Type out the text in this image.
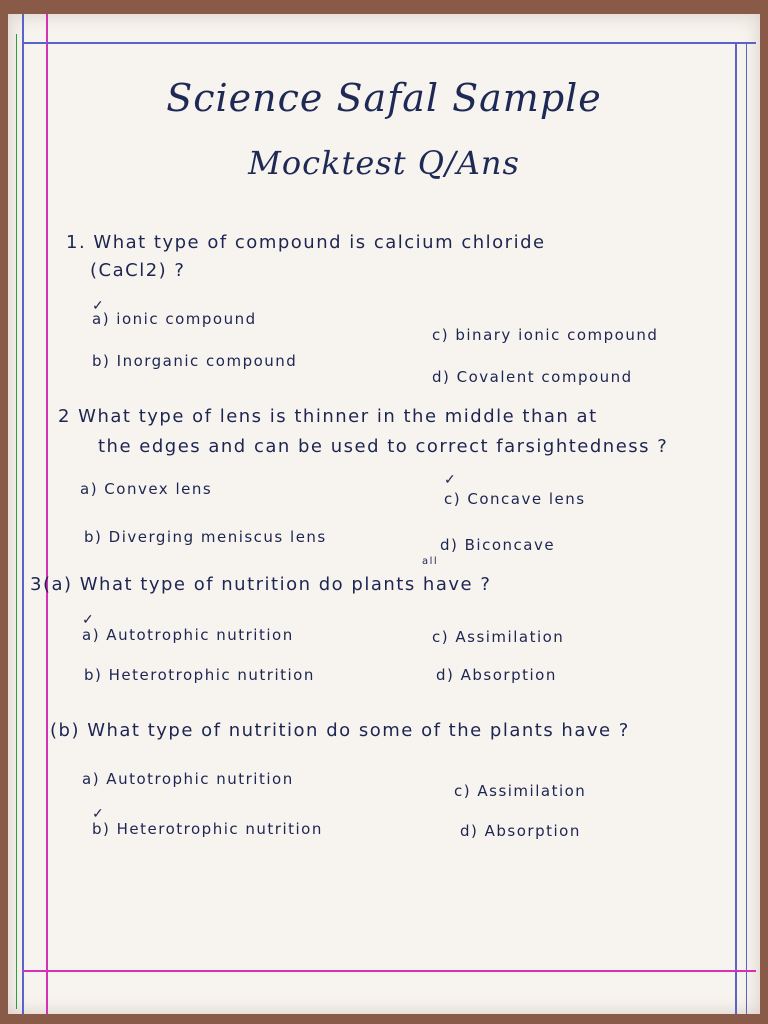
Science Safal Sample
Mocktest Q/Ans
1. What type of compound is calcium chloride
(CaCl2) ?
✓
a) ionic compound
c) binary ionic compound
b) Inorganic compound
d) Covalent compound
2 What type of lens is thinner in the middle than at
the edges and can be used to correct farsightedness ?
a) Convex lens	✓
c) Concave lens
b) Diverging meniscus lens	d) Biconcave
all
3(a) What type of nutrition do plants have ?
✓
a) Autotrophic nutrition	c) Assimilation
b) Heterotrophic nutrition	d) Absorption
(b) What type of nutrition do some of the plants have ?
a) Autotrophic nutrition
c) Assimilation
✓
b) Heterotrophic nutrition	d) Absorption
